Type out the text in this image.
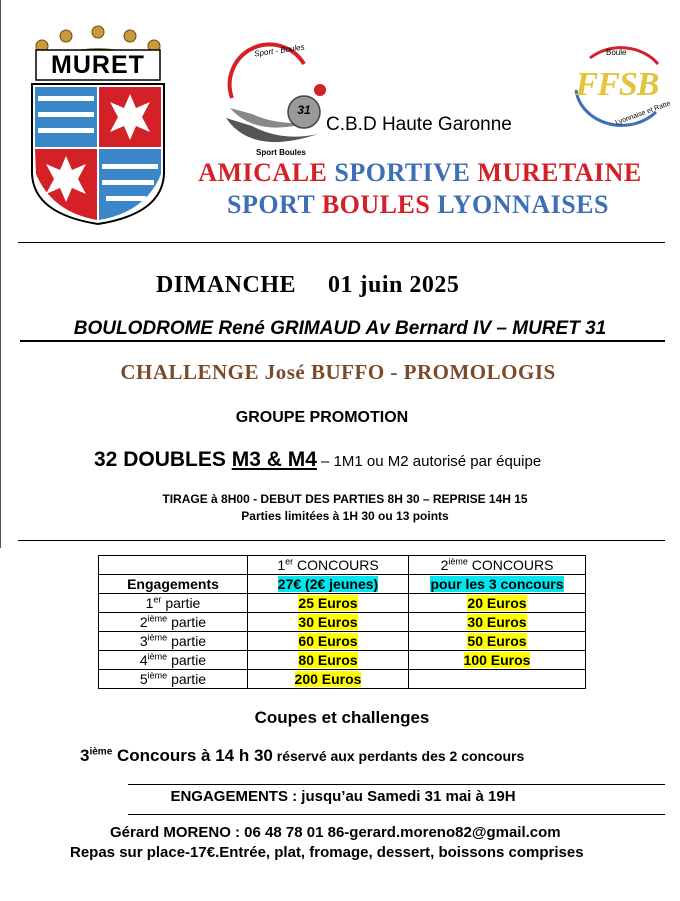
MURET
Sport - Boules
31
Sport Boules
C.B.D Haute Garonne
Boule
FFSB
Lyonnaise et Ratte
AMICALE SPORTIVE MURETAINE
SPORT BOULES LYONNAISES
DIMANCHE 01 juin 2025
BOULODROME René GRIMAUD Av Bernard IV – MURET 31
CHALLENGE José BUFFO - PROMOLOGIS
GROUPE PROMOTION
32 DOUBLES M3 & M4 – 1M1 ou M2 autorisé par équipe
TIRAGE à 8H00 - DEBUT DES PARTIES 8H 30 – REPRISE 14H 15
Parties limitées à 1H 30 ou 13 points
	1er CONCOURS	2ième CONCOURS
Engagements	27€ (2€ jeunes)	pour les 3 concours
1er partie	25 Euros	20 Euros
2ième partie	30 Euros	30 Euros
3ième partie	60 Euros	50 Euros
4ième partie	80 Euros	100 Euros
5ième partie	200 Euros	
Coupes et challenges
3ième Concours à 14 h 30 réservé aux perdants des 2 concours
ENGAGEMENTS : jusqu’au Samedi 31 mai à 19H
Gérard MORENO : 06 48 78 01 86-gerard.moreno82@gmail.com
Repas sur place-17€.Entrée, plat, fromage, dessert, boissons comprises
